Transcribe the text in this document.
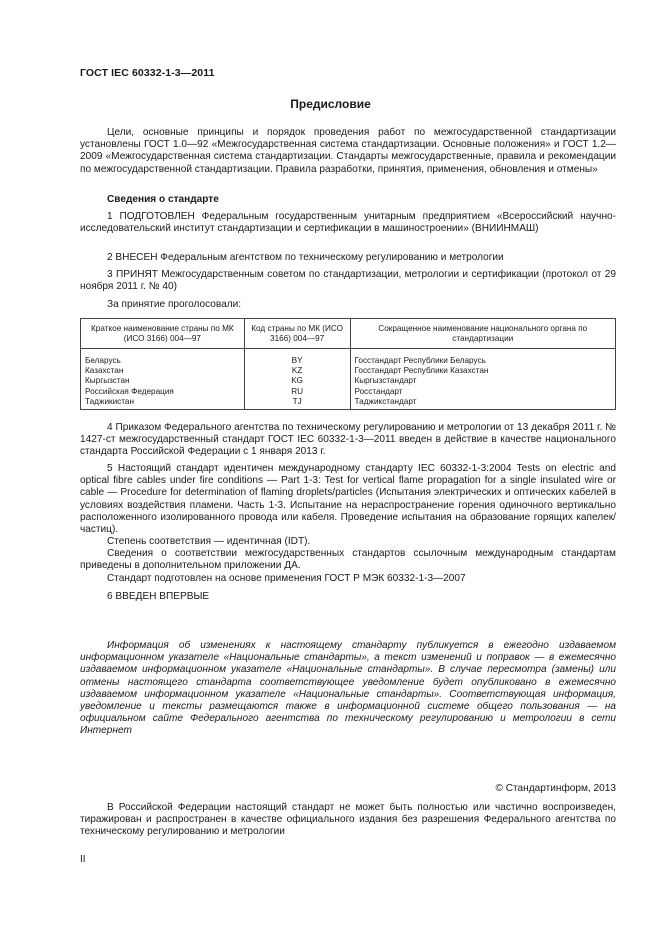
ГОСТ IEC 60332-1-3—2011
Предисловие

Цели, основные принципы и порядок проведения работ по межгосударственной стандартизации установлены ГОСТ 1.0—92 «Межгосударственная система стандартизации. Основные положения» и ГОСТ 1.2—2009 «Межгосударственная система стандартизации. Стандарты межгосударственные, правила и рекомендации по межгосударственной стандартизации. Правила разработки, принятия, применения, обновления и отмены»

Сведения о стандарте

1 ПОДГОТОВЛЕН Федеральным государственным унитарным предприятием «Всероссийский научно-исследовательский институт стандартизации и сертификации в машиностроении» (ВНИИНМАШ)

2 ВНЕСЕН Федеральным агентством по техническому регулированию и метрологии

3 ПРИНЯТ Межгосударственным советом по стандартизации, метрологии и сертификации (протокол от 29 ноября 2011 г. № 40)

За принятие проголосовали:

Краткое наименование страны по МК (ИСО 3166) 004—97	Код страны по МК (ИСО 3166) 004—97	Сокращенное наименование национального органа по стандартизации
Беларусь	BY	Госстандарт Республики Беларусь
Казахстан	KZ	Госстандарт Республики Казахстан
Кыргызстан	KG	Кыргызстандарт
Российская Федерация	RU	Росстандарт
Таджикистан	TJ	Таджикстандарт

4 Приказом Федерального агентства по техническому регулированию и метрологии от 13 декабря 2011 г. № 1427-ст межгосударственный стандарт ГОСТ IEC 60332-1-3—2011 введен в действие в качестве национального стандарта Российской Федерации с 1 января 2013 г.

5 Настоящий стандарт идентичен международному стандарту IEC 60332-1-3:2004 Tests on electric and optical fibre cables under fire conditions — Part 1-3: Test for vertical flame propagation for a single insulated wire or cable — Procedure for determination of flaming droplets/particles (Испытания электрических и оптических кабелей в условиях воздействия пламени. Часть 1-3. Испытание на нераспространение горения одиночного вертикально расположенного изолированного провода или кабеля. Проведение испытания на образование горящих капелек/частиц).

Степень соответствия — идентичная (IDT).

Сведения о соответствии межгосударственных стандартов ссылочным международным стандартам приведены в дополнительном приложении ДА.

Стандарт подготовлен на основе применения ГОСТ Р МЭК 60332-1-3—2007

6 ВВЕДЕН ВПЕРВЫЕ

Информация об изменениях к настоящему стандарту публикуется в ежегодно издаваемом информационном указателе «Национальные стандарты», а текст изменений и поправок — в ежемесячно издаваемом информационном указателе «Национальные стандарты». В случае пересмотра (замены) или отмены настоящего стандарта соответствующее уведомление будет опубликовано в ежемесячно издаваемом информационном указателе «Национальные стандарты». Соответствующая информация, уведомление и тексты размещаются также в информационной системе общего пользования — на официальном сайте Федерального агентства по техническому регулированию и метрологии в сети Интернет

© Стандартинформ, 2013

В Российской Федерации настоящий стандарт не может быть полностью или частично воспроизведен, тиражирован и распространен в качестве официального издания без разрешения Федерального агентства по техническому регулированию и метрологии

II
